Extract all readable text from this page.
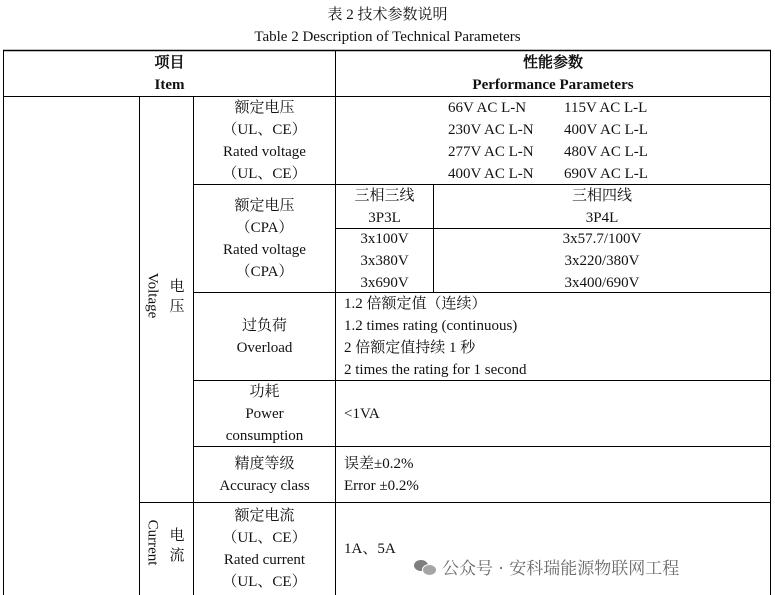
表 2 技术参数说明
Table 2 Description of Technical Parameters
项目
Item
性能参数
Performance Parameters
电
压
Voltage
电
流
Current
额定电压
（UL、CE）
Rated voltage
（UL、CE）
66V AC L-N
230V AC L-N
277V AC L-N
400V AC L-N
115V AC L-L
400V AC L-L
480V AC L-L
690V AC L-L
额定电压
（CPA）
Rated voltage
（CPA）
三相三线
3P3L
三相四线
3P4L
3x100V
3x380V
3x690V
3x57.7/100V
3x220/380V
3x400/690V
过负荷
Overload
1.2 倍额定值（连续）
1.2 times rating (continuous)
2 倍额定值持续 1 秒
2 times the rating for 1 second
功耗
Power
consumption
<1VA
精度等级
Accuracy class
误差±0.2%
Error ±0.2%
额定电流
（UL、CE）
Rated current
（UL、CE）
1A、5A
公众号 · 安科瑞能源物联网工程
